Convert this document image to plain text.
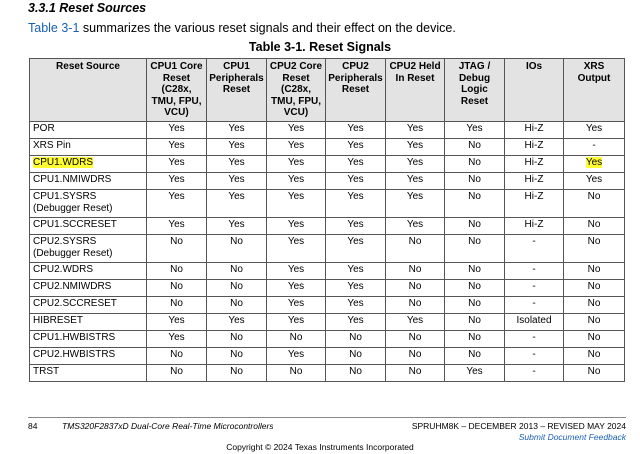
3.3.1 Reset Sources
Table 3-1 summarizes the various reset signals and their effect on the device.
Table 3-1. Reset Signals
Reset Source	CPU1 Core Reset (C28x, TMU, FPU, VCU)	CPU1 Peripherals Reset	CPU2 Core Reset (C28x, TMU, FPU, VCU)	CPU2 Peripherals Reset	CPU2 Held In Reset	JTAG / Debug Logic Reset	IOs	XRS Output
POR	Yes	Yes	Yes	Yes	Yes	Yes	Hi-Z	Yes
XRS Pin	Yes	Yes	Yes	Yes	Yes	No	Hi-Z	-
CPU1.WDRS	Yes	Yes	Yes	Yes	Yes	No	Hi-Z	Yes
CPU1.NMIWDRS	Yes	Yes	Yes	Yes	Yes	No	Hi-Z	Yes
CPU1.SYSRS (Debugger Reset)	Yes	Yes	Yes	Yes	Yes	No	Hi-Z	No
CPU1.SCCRESET	Yes	Yes	Yes	Yes	Yes	No	Hi-Z	No
CPU2.SYSRS (Debugger Reset)	No	No	Yes	Yes	No	No	-	No
CPU2.WDRS	No	No	Yes	Yes	No	No	-	No
CPU2.NMIWDRS	No	No	Yes	Yes	No	No	-	No
CPU2.SCCRESET	No	No	Yes	Yes	No	No	-	No
HIBRESET	Yes	Yes	Yes	Yes	Yes	No	Isolated	No
CPU1.HWBISTRS	Yes	No	No	No	No	No	-	No
CPU2.HWBISTRS	No	No	Yes	No	No	No	-	No
TRST	No	No	No	No	No	Yes	-	No
84	TMS320F2837xD Dual-Core Real-Time Microcontrollers	SPRUHM8K – DECEMBER 2013 – REVISED MAY 2024
Submit Document Feedback
Copyright © 2024 Texas Instruments Incorporated
